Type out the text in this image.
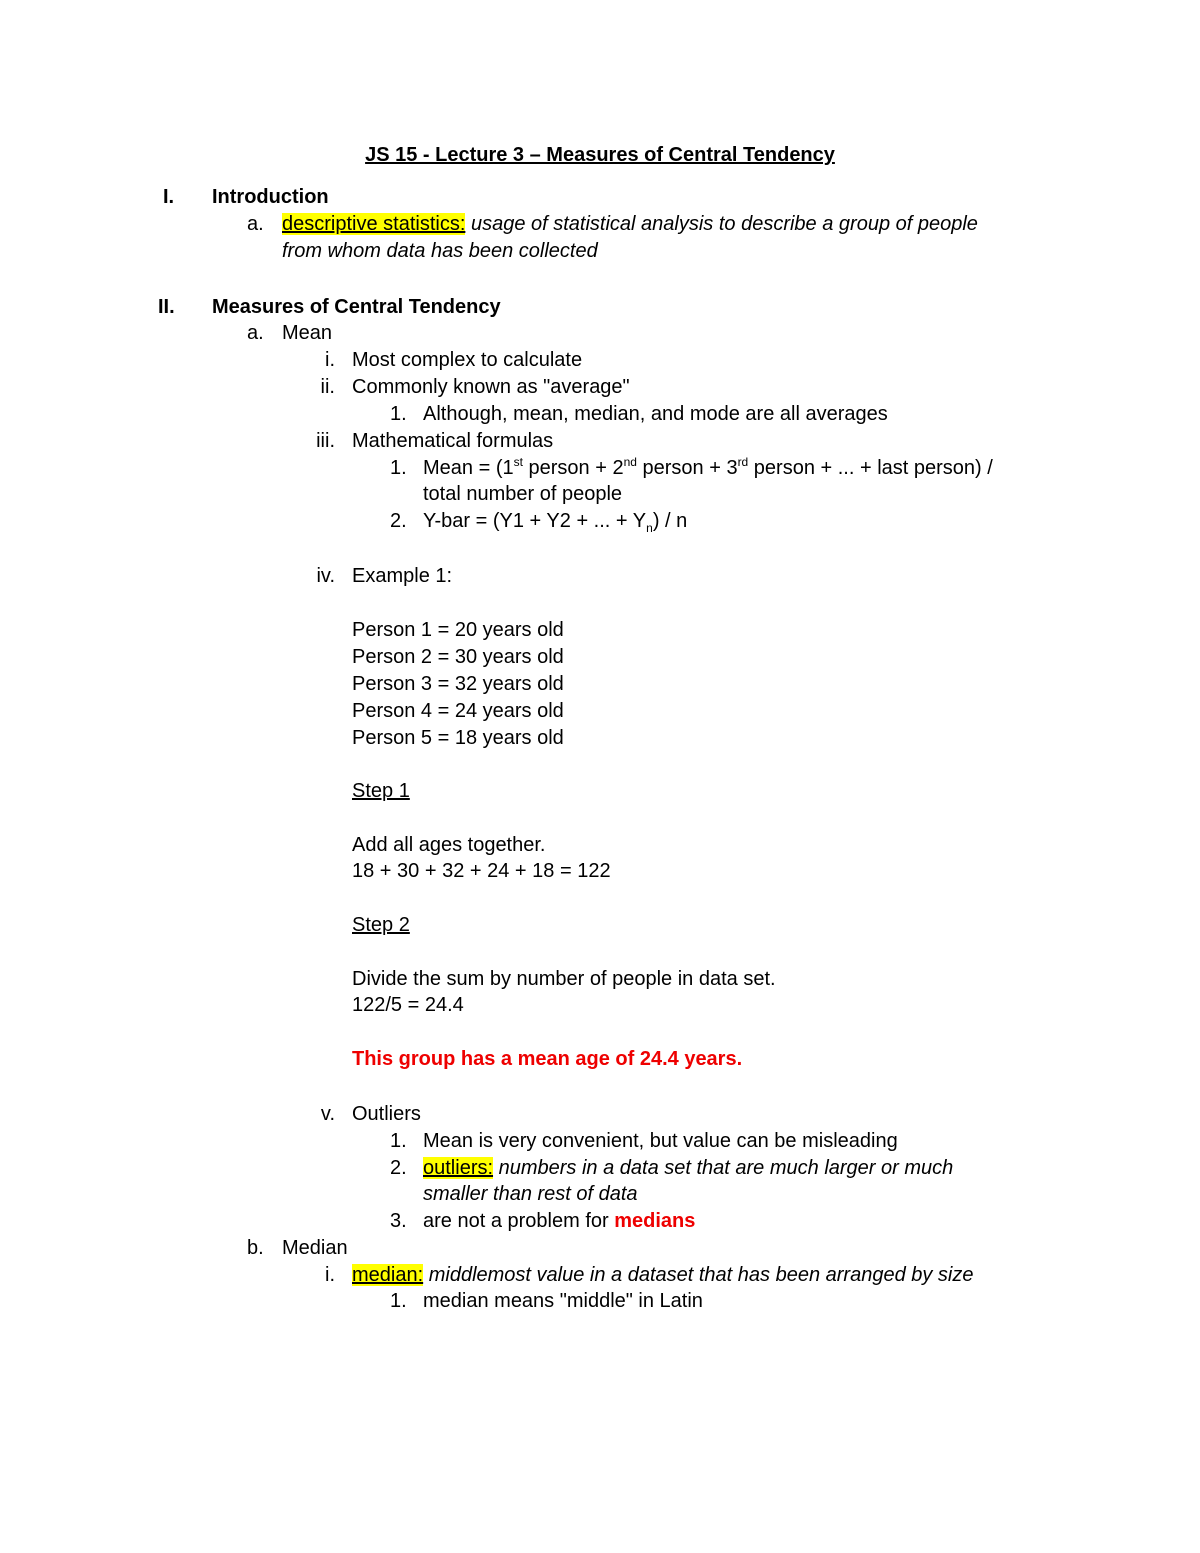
JS 15 - Lecture 3 – Measures of Central Tendency
I. Introduction
a. descriptive statistics: usage of statistical analysis to describe a group of people
from whom data has been collected
II. Measures of Central Tendency
a. Mean
i. Most complex to calculate
ii. Commonly known as "average"
1. Although, mean, median, and mode are all averages
iii. Mathematical formulas
1. Mean = (1st person + 2nd person + 3rd person + ... + last person) /
total number of people
2. Y-bar = (Y1 + Y2 + ... + $Y_n$) / n
iv. Example 1:
Person 1 = 20 years old
Person 2 = 30 years old
Person 3 = 32 years old
Person 4 = 24 years old
Person 5 = 18 years old
Step 1
Add all ages together.
18 + 30 + 32 + 24 + 18 = 122
Step 2
Divide the sum by number of people in data set.
122/5 = 24.4
This group has a mean age of 24.4 years.
v. Outliers
1. Mean is very convenient, but value can be misleading
2. outliers: numbers in a data set that are much larger or much
smaller than rest of data
3. are not a problem for medians
b. Median
i. median: middlemost value in a dataset that has been arranged by size
1. median means "middle" in Latin
